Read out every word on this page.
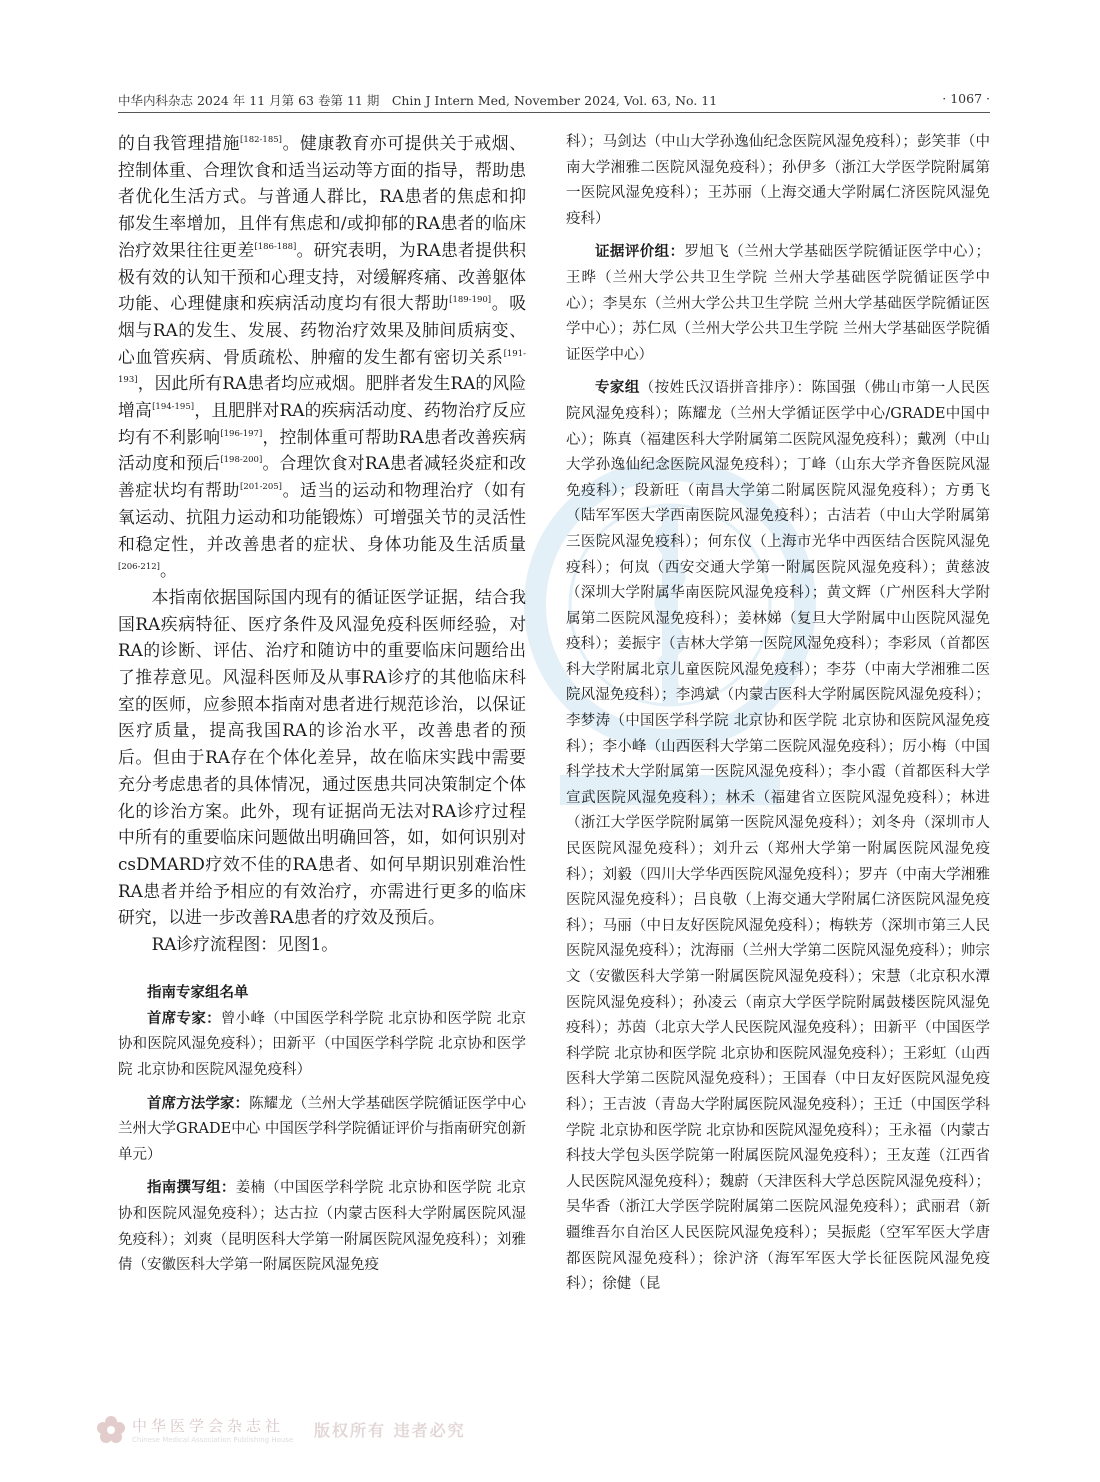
中华内科杂志 2024 年 11 月第 63 卷第 11 期　Chin J Intern Med, November 2024, Vol. 63, No. 11	· 1067 ·

的自我管理措施[182-185]。健康教育亦可提供关于戒烟、控制体重、合理饮食和适当运动等方面的指导，帮助患者优化生活方式。与普通人群比，RA患者的焦虑和抑郁发生率增加，且伴有焦虑和/或抑郁的RA患者的临床治疗效果往往更差[186-188]。研究表明，为RA患者提供积极有效的认知干预和心理支持，对缓解疼痛、改善躯体功能、心理健康和疾病活动度均有很大帮助[189-190]。吸烟与RA的发生、发展、药物治疗效果及肺间质病变、心血管疾病、骨质疏松、肿瘤的发生都有密切关系[191-193]，因此所有RA患者均应戒烟。肥胖者发生RA的风险增高[194-195]，且肥胖对RA的疾病活动度、药物治疗反应均有不利影响[196-197]，控制体重可帮助RA患者改善疾病活动度和预后[198-200]。合理饮食对RA患者减轻炎症和改善症状均有帮助[201-205]。适当的运动和物理治疗（如有氧运动、抗阻力运动和功能锻炼）可增强关节的灵活性和稳定性，并改善患者的症状、身体功能及生活质量[206-212]。

本指南依据国际国内现有的循证医学证据，结合我国RA疾病特征、医疗条件及风湿免疫科医师经验，对RA的诊断、评估、治疗和随访中的重要临床问题给出了推荐意见。风湿科医师及从事RA诊疗的其他临床科室的医师，应参照本指南对患者进行规范诊治，以保证医疗质量，提高我国RA的诊治水平，改善患者的预后。但由于RA存在个体化差异，故在临床实践中需要充分考虑患者的具体情况，通过医患共同决策制定个体化的诊治方案。此外，现有证据尚无法对RA诊疗过程中所有的重要临床问题做出明确回答，如，如何识别对csDMARD疗效不佳的RA患者、如何早期识别难治性RA患者并给予相应的有效治疗，亦需进行更多的临床研究，以进一步改善RA患者的疗效及预后。

RA诊疗流程图：见图1。

指南专家组名单

首席专家：曾小峰（中国医学科学院 北京协和医学院 北京协和医院风湿免疫科）；田新平（中国医学科学院 北京协和医学院 北京协和医院风湿免疫科）

首席方法学家：陈耀龙（兰州大学基础医学院循证医学中心 兰州大学GRADE中心 中国医学科学院循证评价与指南研究创新单元）

指南撰写组：姜楠（中国医学科学院 北京协和医学院 北京协和医院风湿免疫科）；达古拉（内蒙古医科大学附属医院风湿免疫科）；刘爽（昆明医科大学第一附属医院风湿免疫科）；刘雅倩（安徽医科大学第一附属医院风湿免疫

科）；马剑达（中山大学孙逸仙纪念医院风湿免疫科）；彭笑菲（中南大学湘雅二医院风湿免疫科）；孙伊多（浙江大学医学院附属第一医院风湿免疫科）；王苏丽（上海交通大学附属仁济医院风湿免疫科）

证据评价组：罗旭飞（兰州大学基础医学院循证医学中心）；王晔（兰州大学公共卫生学院 兰州大学基础医学院循证医学中心）；李昊东（兰州大学公共卫生学院 兰州大学基础医学院循证医学中心）；苏仁凤（兰州大学公共卫生学院 兰州大学基础医学院循证医学中心）

专家组（按姓氏汉语拼音排序）：陈国强（佛山市第一人民医院风湿免疫科）；陈耀龙（兰州大学循证医学中心/GRADE中国中心）；陈真（福建医科大学附属第二医院风湿免疫科）；戴冽（中山大学孙逸仙纪念医院风湿免疫科）；丁峰（山东大学齐鲁医院风湿免疫科）；段新旺（南昌大学第二附属医院风湿免疫科）；方勇飞（陆军军医大学西南医院风湿免疫科）；古洁若（中山大学附属第三医院风湿免疫科）；何东仪（上海市光华中西医结合医院风湿免疫科）；何岚（西安交通大学第一附属医院风湿免疫科）；黄慈波（深圳大学附属华南医院风湿免疫科）；黄文辉（广州医科大学附属第二医院风湿免疫科）；姜林娣（复旦大学附属中山医院风湿免疫科）；姜振宇（吉林大学第一医院风湿免疫科）；李彩凤（首都医科大学附属北京儿童医院风湿免疫科）；李芬（中南大学湘雅二医院风湿免疫科）；李鸿斌（内蒙古医科大学附属医院风湿免疫科）；李梦涛（中国医学科学院 北京协和医学院 北京协和医院风湿免疫科）；李小峰（山西医科大学第二医院风湿免疫科）；厉小梅（中国科学技术大学附属第一医院风湿免疫科）；李小霞（首都医科大学宣武医院风湿免疫科）；林禾（福建省立医院风湿免疫科）；林进（浙江大学医学院附属第一医院风湿免疫科）；刘冬舟（深圳市人民医院风湿免疫科）；刘升云（郑州大学第一附属医院风湿免疫科）；刘毅（四川大学华西医院风湿免疫科）；罗卉（中南大学湘雅医院风湿免疫科）；吕良敬（上海交通大学附属仁济医院风湿免疫科）；马丽（中日友好医院风湿免疫科）；梅轶芳（深圳市第三人民医院风湿免疫科）；沈海丽（兰州大学第二医院风湿免疫科）；帅宗文（安徽医科大学第一附属医院风湿免疫科）；宋慧（北京积水潭医院风湿免疫科）；孙凌云（南京大学医学院附属鼓楼医院风湿免疫科）；苏茵（北京大学人民医院风湿免疫科）；田新平（中国医学科学院 北京协和医学院 北京协和医院风湿免疫科）；王彩虹（山西医科大学第二医院风湿免疫科）；王国春（中日友好医院风湿免疫科）；王吉波（青岛大学附属医院风湿免疫科）；王迁（中国医学科学院 北京协和医学院 北京协和医院风湿免疫科）；王永福（内蒙古科技大学包头医学院第一附属医院风湿免疫科）；王友莲（江西省人民医院风湿免疫科）；魏蔚（天津医科大学总医院风湿免疫科）；吴华香（浙江大学医学院附属第二医院风湿免疫科）；武丽君（新疆维吾尔自治区人民医院风湿免疫科）；吴振彪（空军军医大学唐都医院风湿免疫科）；徐沪济（海军军医大学长征医院风湿免疫科）；徐健（昆

中华医学会杂志社
Chinese Medical Association Publishing House 版权所有 违者必究
